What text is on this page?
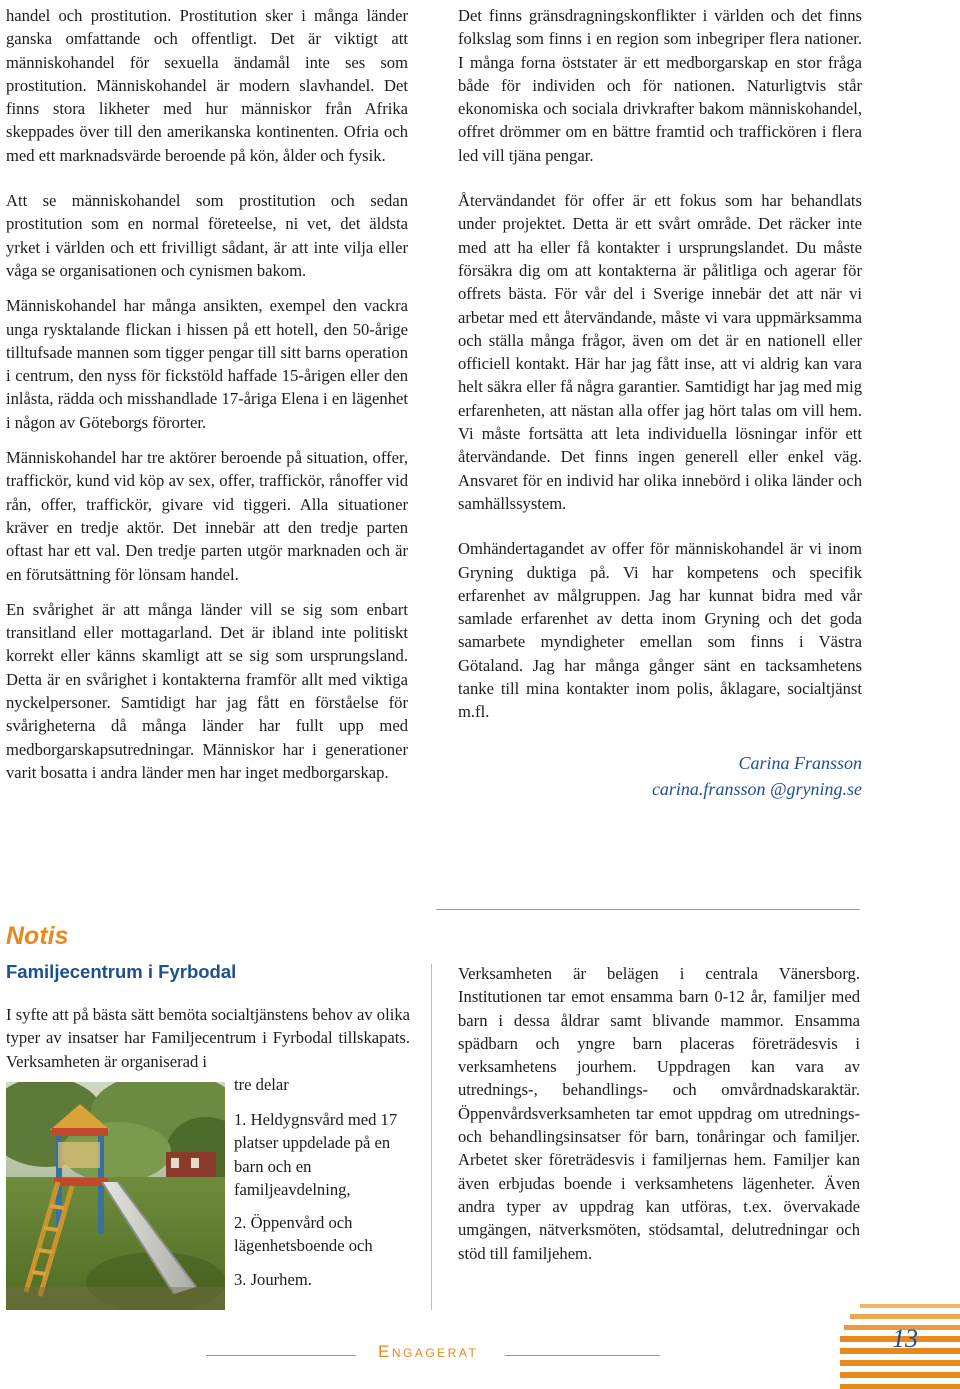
handel och prostitution. Prostitution sker i många länder ganska omfattande och offentligt. Det är viktigt att människohandel för sexuella ändamål inte ses som prostitution. Människohandel är modern slavhandel. Det finns stora likheter med hur människor från Afrika skeppades över till den amerikanska kontinenten. Ofria och med ett marknadsvärde beroende på kön, ålder och fysik.

Att se människohandel som prostitution och sedan prostitution som en normal företeelse, ni vet, det äldsta yrket i världen och ett frivilligt sådant, är att inte vilja eller våga se organisationen och cynismen bakom.

Människohandel har många ansikten, exempel den vackra unga rysktalande flickan i hissen på ett hotell, den 50-årige tilltufsade mannen som tigger pengar till sitt barns operation i centrum, den nyss för fickstöld haffade 15-årigen eller den inlåsta, rädda och misshandlade 17-åriga Elena i en lägenhet i någon av Göteborgs förorter.

Människohandel har tre aktörer beroende på situation, offer, traffickör, kund vid köp av sex, offer, traffickör, rånoffer vid rån, offer, traffickör, givare vid tiggeri. Alla situationer kräver en tredje aktör. Det innebär att den tredje parten oftast har ett val. Den tredje parten utgör marknaden och är en förutsättning för lönsam handel.

En svårighet är att många länder vill se sig som enbart transitland eller mottagarland. Det är ibland inte politiskt korrekt eller känns skamligt att se sig som ursprungsland. Detta är en svårighet i kontakterna framför allt med viktiga nyckelpersoner. Samtidigt har jag fått en förståelse för svårigheterna då många länder har fullt upp med medborgarskapsutredningar. Människor har i generationer varit bosatta i andra länder men har inget medborgarskap.

Det finns gränsdragningskonflikter i världen och det finns folkslag som finns i en region som inbegriper flera nationer. I många forna öststater är ett medborgarskap en stor fråga både för individen och för nationen. Naturligtvis står ekonomiska och sociala drivkrafter bakom människohandel, offret drömmer om en bättre framtid och traffickören i flera led vill tjäna pengar.

Återvändandet för offer är ett fokus som har behandlats under projektet. Detta är ett svårt område. Det räcker inte med att ha eller få kontakter i ursprungslandet. Du måste försäkra dig om att kontakterna är pålitliga och agerar för offrets bästa. För vår del i Sverige innebär det att när vi arbetar med ett återvändande, måste vi vara uppmärksamma och ställa många frågor, även om det är en nationell eller officiell kontakt. Här har jag fått inse, att vi aldrig kan vara helt säkra eller få några garantier. Samtidigt har jag med mig erfarenheten, att nästan alla offer jag hört talas om vill hem. Vi måste fortsätta att leta individuella lösningar inför ett återvändande. Det finns ingen generell eller enkel väg. Ansvaret för en individ har olika innebörd i olika länder och samhällssystem.

Omhändertagandet av offer för människohandel är vi inom Gryning duktiga på. Vi har kompetens och specifik erfarenhet av målgruppen. Jag har kunnat bidra med vår samlade erfarenhet av detta inom Gryning och det goda samarbete myndigheter emellan som finns i Västra Götaland. Jag har många gånger sänt en tacksamhetens tanke till mina kontakter inom polis, åklagare, socialtjänst m.fl.

Carina Fransson

carina.fransson @gryning.se

Notis
Familjecentrum i Fyrbodal

I syfte att på bästa sätt bemöta socialtjänstens behov av olika typer av insatser har Familjecentrum i Fyrbodal tillskapats. Verksamheten är organiserad i

tre delar

1. Heldygnsvård med 17 platser uppdelade på en barn och en familjeavdelning,

2. Öppenvård och lägenhetsboende och

3. Jourhem.

Verksamheten är belägen i centrala Vänersborg. Institutionen tar emot ensamma barn 0-12 år, familjer med barn i dessa åldrar samt blivande mammor. Ensamma spädbarn och yngre barn placeras företrädesvis i verksamhetens jourhem. Uppdragen kan vara av utrednings-, behandlings- och omvårdnadskaraktär. Öppenvårdsverksamheten tar emot uppdrag om utrednings- och behandlingsinsatser för barn, tonåringar och familjer. Arbetet sker företrädesvis i familjernas hem. Familjer kan även erbjudas boende i verksamhetens lägenheter. Även andra typer av uppdrag kan utföras, t.ex. övervakade umgängen, nätverksmöten, stödsamtal, delutredningar och stöd till familjehem.

Engagerat	13
